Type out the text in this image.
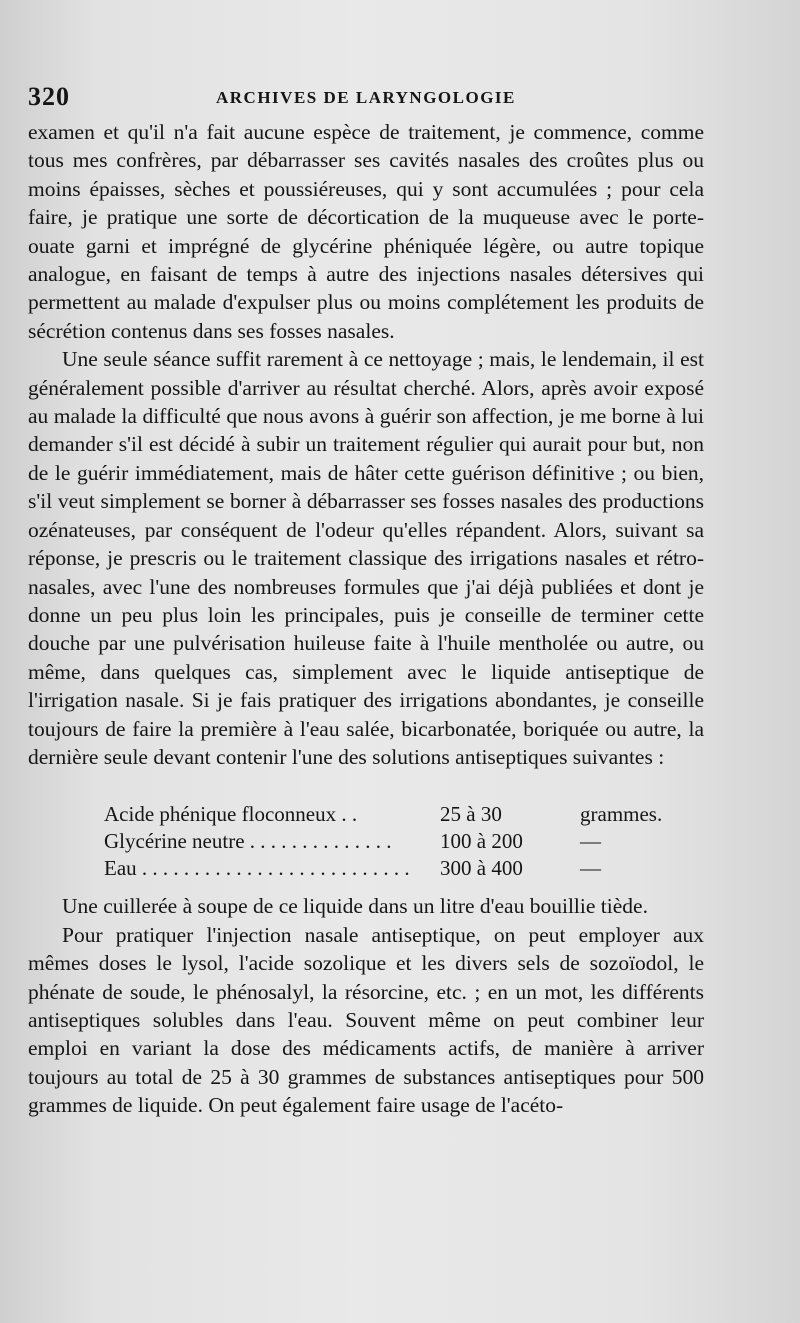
320	ARCHIVES DE LARYNGOLOGIE

examen et qu'il n'a fait aucune espèce de traitement, je commence, comme tous mes confrères, par débarrasser ses cavités nasales des croûtes plus ou moins épaisses, sèches et poussiéreuses, qui y sont accumulées ; pour cela faire, je pratique une sorte de décortication de la muqueuse avec le porte-ouate garni et imprégné de glycérine phéniquée légère, ou autre topique analogue, en faisant de temps à autre des injections nasales détersives qui permettent au malade d'expulser plus ou moins complétement les produits de sécrétion contenus dans ses fosses nasales.

Une seule séance suffit rarement à ce nettoyage ; mais, le lendemain, il est généralement possible d'arriver au résultat cherché. Alors, après avoir exposé au malade la difficulté que nous avons à guérir son affection, je me borne à lui demander s'il est décidé à subir un traitement régulier qui aurait pour but, non de le guérir immédiatement, mais de hâter cette guérison définitive ; ou bien, s'il veut simplement se borner à débarrasser ses fosses nasales des productions ozénateuses, par conséquent de l'odeur qu'elles répandent. Alors, suivant sa réponse, je prescris ou le traitement classique des irrigations nasales et rétro-nasales, avec l'une des nombreuses formules que j'ai déjà publiées et dont je donne un peu plus loin les principales, puis je conseille de terminer cette douche par une pulvérisation huileuse faite à l'huile mentholée ou autre, ou même, dans quelques cas, simplement avec le liquide antiseptique de l'irrigation nasale. Si je fais pratiquer des irrigations abondantes, je conseille toujours de faire la première à l'eau salée, bicarbonatée, boriquée ou autre, la dernière seule devant contenir l'une des solutions antiseptiques suivantes :

Acide phénique floconneux . .	25 à 30	grammes.
Glycérine neutre . . . . . . . . . . . . . .	100 à 200	—
Eau . . . . . . . . . . . . . . . . . . . . . . . . . .	300 à 400	—

Une cuillerée à soupe de ce liquide dans un litre d'eau bouillie tiède.

Pour pratiquer l'injection nasale antiseptique, on peut employer aux mêmes doses le lysol, l'acide sozolique et les divers sels de sozoïodol, le phénate de soude, le phénosalyl, la résorcine, etc. ; en un mot, les différents antiseptiques solubles dans l'eau. Souvent même on peut combiner leur emploi en variant la dose des médicaments actifs, de manière à arriver toujours au total de 25 à 30 grammes de substances antiseptiques pour 500 grammes de liquide. On peut également faire usage de l'acéto-
